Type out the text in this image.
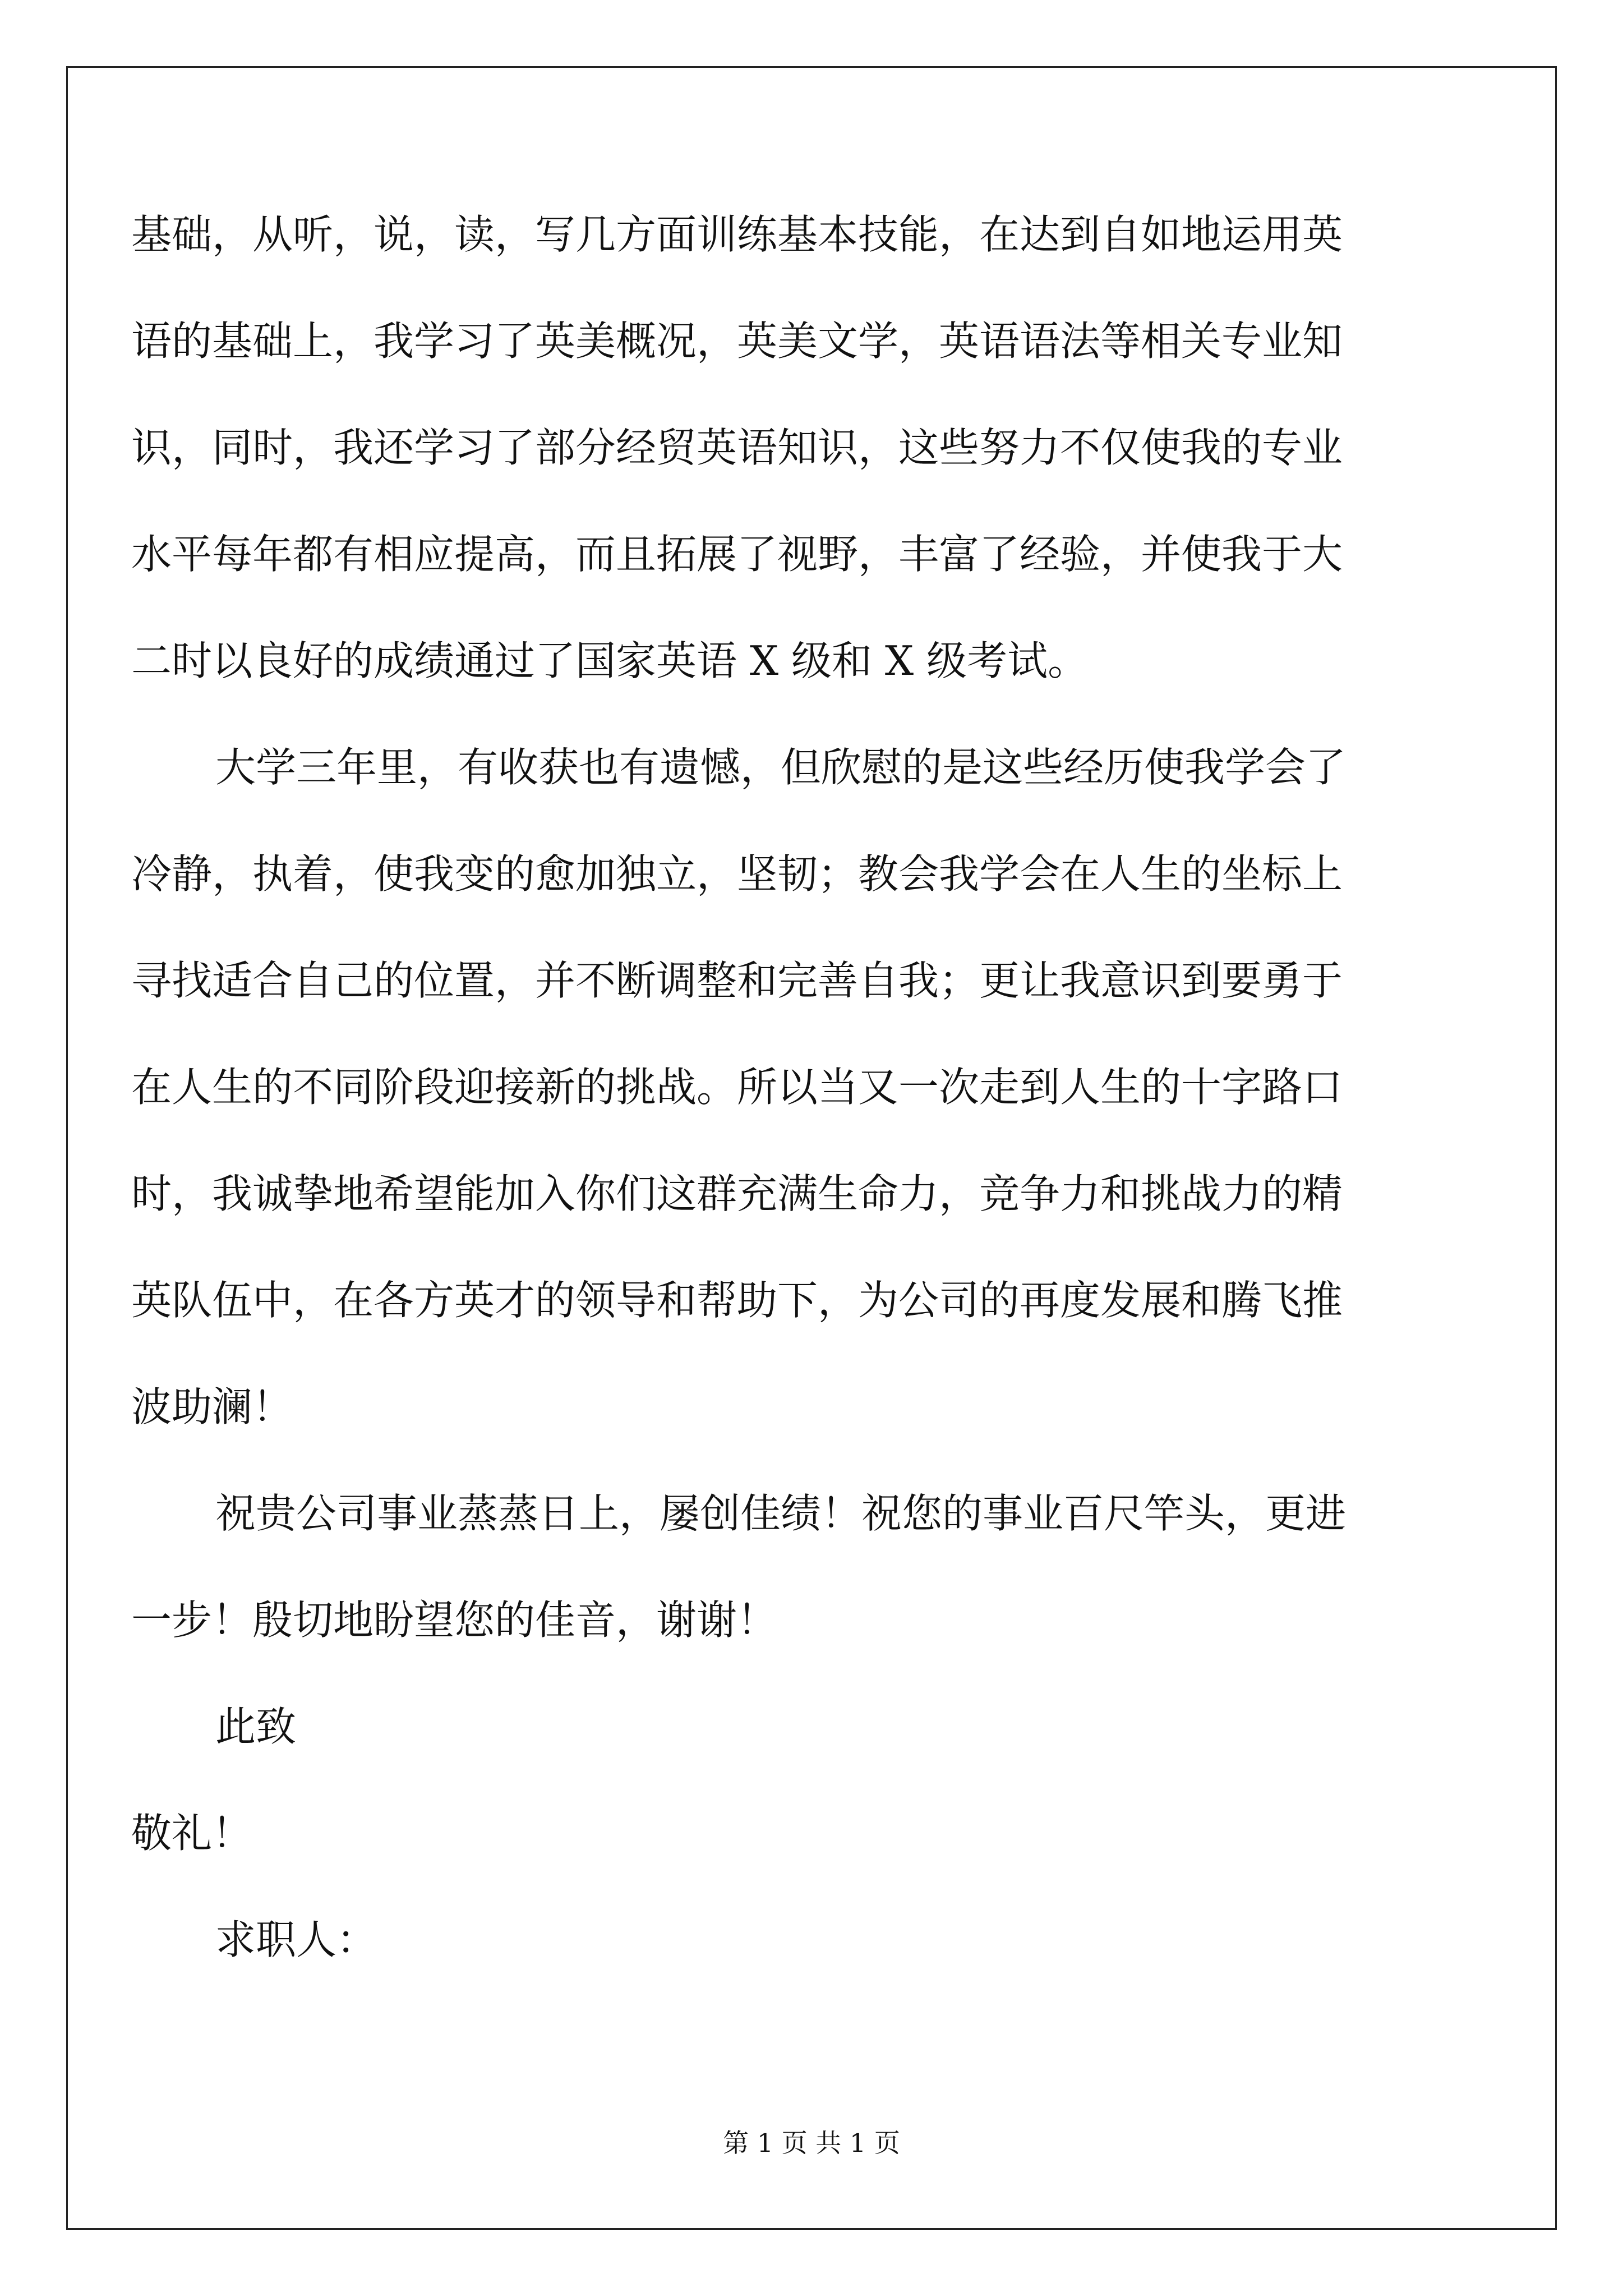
基础，从听，说，读，写几方面训练基本技能，在达到自如地运用英
语的基础上，我学习了英美概况，英美文学，英语语法等相关专业知
识，同时，我还学习了部分经贸英语知识，这些努力不仅使我的专业
水平每年都有相应提高，而且拓展了视野，丰富了经验，并使我于大
二时以良好的成绩通过了国家英语 X 级和 X 级考试。
大学三年里，有收获也有遗憾，但欣慰的是这些经历使我学会了
冷静，执着，使我变的愈加独立，坚韧；教会我学会在人生的坐标上
寻找适合自己的位置，并不断调整和完善自我；更让我意识到要勇于
在人生的不同阶段迎接新的挑战。所以当又一次走到人生的十字路口
时，我诚挚地希望能加入你们这群充满生命力，竞争力和挑战力的精
英队伍中，在各方英才的领导和帮助下，为公司的再度发展和腾飞推
波助澜！
祝贵公司事业蒸蒸日上，屡创佳绩！祝您的事业百尺竿头，更进
一步！殷切地盼望您的佳音，谢谢！
此致
敬礼！
求职人：
第 1 页 共 1 页
